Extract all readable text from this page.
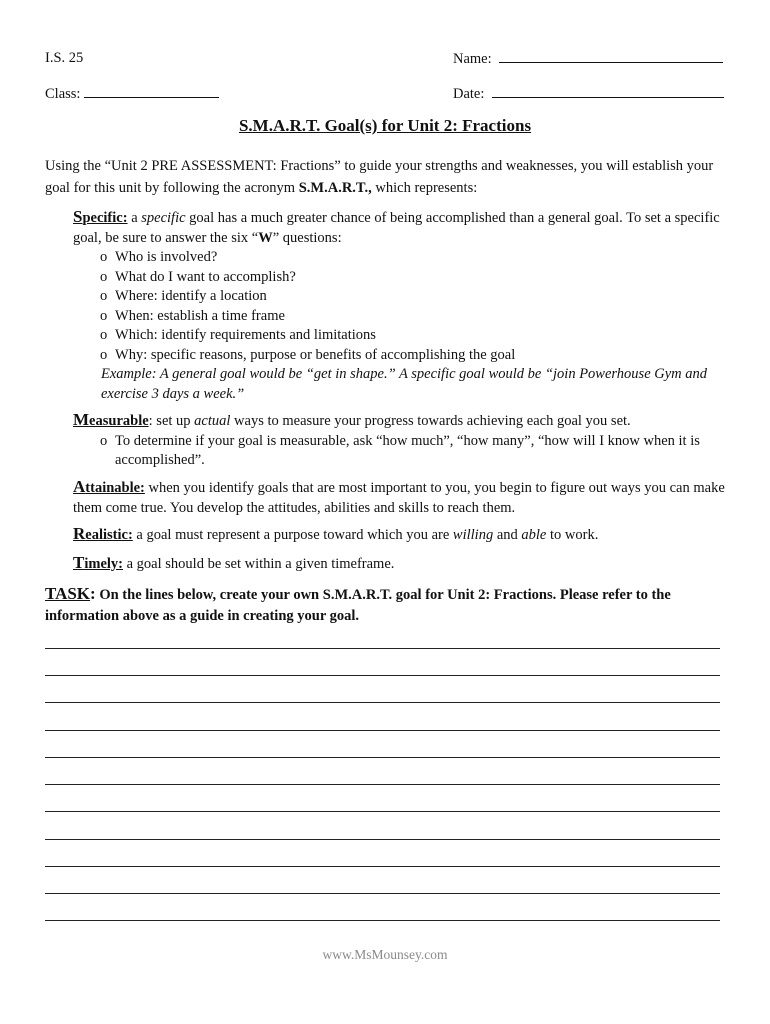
I.S. 25	Name:
Class:	Date:
S.M.A.R.T. Goal(s) for Unit 2: Fractions
Using the “Unit 2 PRE ASSESSMENT: Fractions” to guide your strengths and weaknesses, you will establish your goal for this unit by following the acronym S.M.A.R.T., which represents:
Specific: a specific goal has a much greater chance of being accomplished than a general goal. To set a specific goal, be sure to answer the six “W” questions:
o Who is involved?
o What do I want to accomplish?
o Where: identify a location
o When: establish a time frame
o Which: identify requirements and limitations
o Why: specific reasons, purpose or benefits of accomplishing the goal
Example: A general goal would be “get in shape.” A specific goal would be “join Powerhouse Gym and exercise 3 days a week.”
Measurable: set up actual ways to measure your progress towards achieving each goal you set.
o To determine if your goal is measurable, ask “how much”, “how many”, “how will I know when it is accomplished”.
Attainable: when you identify goals that are most important to you, you begin to figure out ways you can make them come true. You develop the attitudes, abilities and skills to reach them.
Realistic: a goal must represent a purpose toward which you are willing and able to work.
Timely: a goal should be set within a given timeframe.
TASK: On the lines below, create your own S.M.A.R.T. goal for Unit 2: Fractions. Please refer to the information above as a guide in creating your goal.
www.MsMounsey.com
